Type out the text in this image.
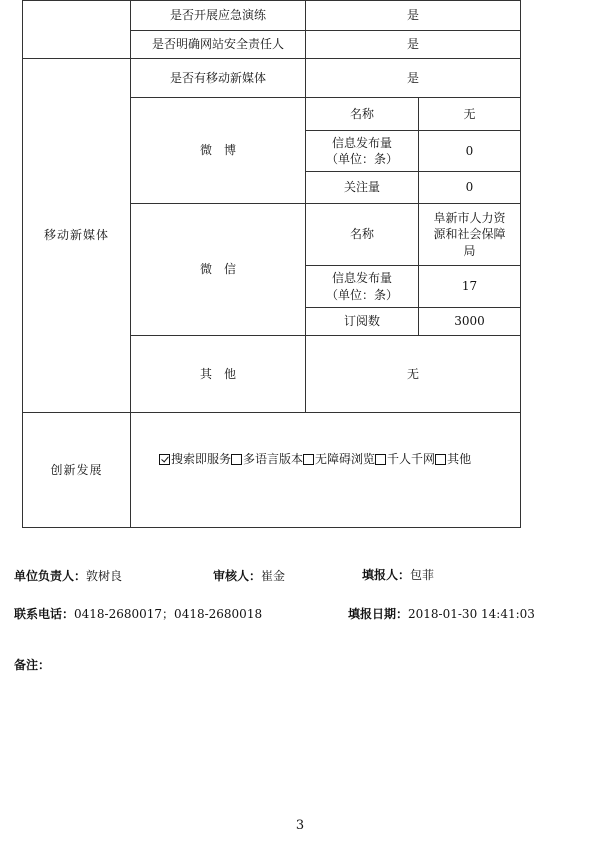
	是否开展应急演练	是	
	是否明确网站安全责任人	是	
移动新媒体	是否有移动新媒体	是	
	微　博	名称	无
		信息发布量
（单位：条）	0
		关注量	0
	微　信	名称	阜新市人力资
源和社会保障
局
		信息发布量
（单位：条）	17
		订阅数	3000
	其　他	无	
创新发展	搜索即服务 多语言版本 无障碍浏览 千人千网 其他		
单位负责人：敦树良	审核人：崔金	填报人：包菲
联系电话：0418-2680017；0418-2680018	填报日期：2018-01-30 14:41:03
备注：
3
